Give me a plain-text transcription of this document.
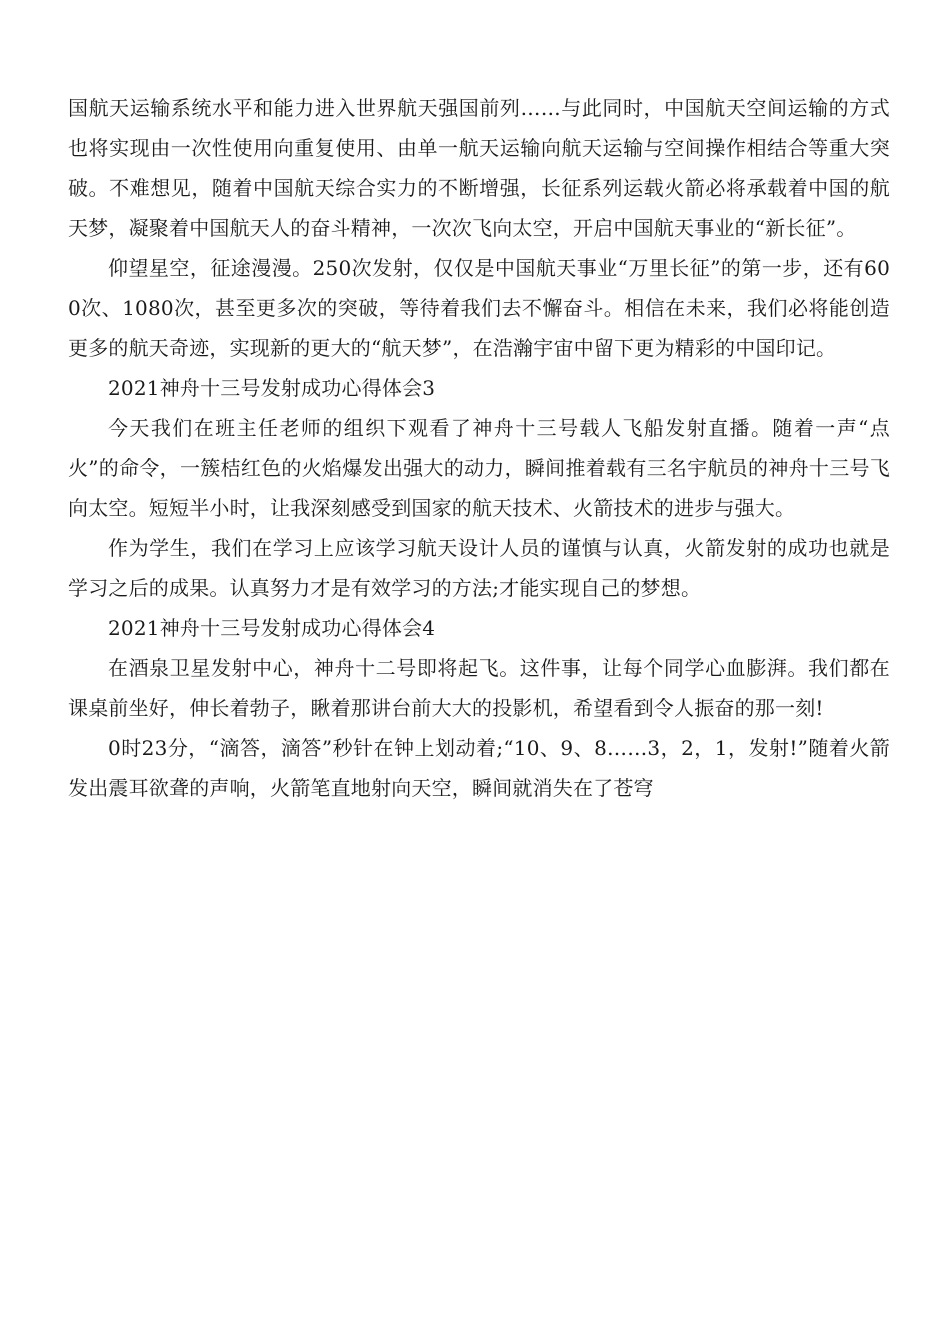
国航天运输系统水平和能力进入世界航天强国前列……与此同时，中国航天空间运输的方式也将实现由一次性使用向重复使用、由单一航天运输向航天运输与空间操作相结合等重大突破。不难想见，随着中国航天综合实力的不断增强，长征系列运载火箭必将承载着中国的航天梦，凝聚着中国航天人的奋斗精神，一次次飞向太空，开启中国航天事业的“新长征”。

仰望星空，征途漫漫。250次发射，仅仅是中国航天事业“万里长征”的第一步，还有600次、1080次，甚至更多次的突破，等待着我们去不懈奋斗。相信在未来，我们必将能创造更多的航天奇迹，实现新的更大的“航天梦”，在浩瀚宇宙中留下更为精彩的中国印记。

2021神舟十三号发射成功心得体会3

今天我们在班主任老师的组织下观看了神舟十三号载人飞船发射直播。随着一声“点火”的命令，一簇桔红色的火焰爆发出强大的动力，瞬间推着载有三名宇航员的神舟十三号飞向太空。短短半小时，让我深刻感受到国家的航天技术、火箭技术的进步与强大。

作为学生，我们在学习上应该学习航天设计人员的谨慎与认真，火箭发射的成功也就是学习之后的成果。认真努力才是有效学习的方法;才能实现自己的梦想。

2021神舟十三号发射成功心得体会4

在酒泉卫星发射中心，神舟十二号即将起飞。这件事，让每个同学心血膨湃。我们都在课桌前坐好，伸长着勃子，瞅着那讲台前大大的投影机，希望看到令人振奋的那一刻!

0时23分，“滴答，滴答”秒针在钟上划动着;“10、9、8……3，2，1，发射!”随着火箭发出震耳欲聋的声响，火箭笔直地射向天空，瞬间就消失在了苍穹
